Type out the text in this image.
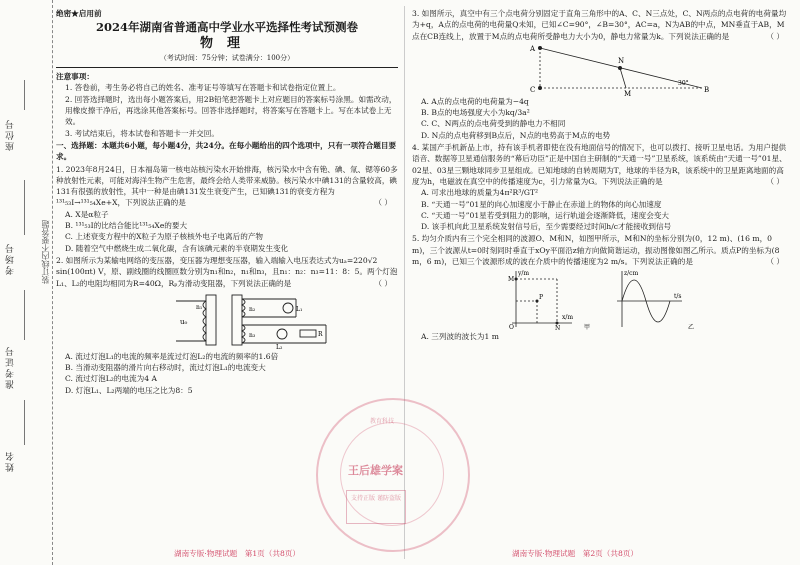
座位号
考场号
准考证号
姓名
装订线内不要答题
绝密★启用前
2024年湖南省普通高中学业水平选择性考试预测卷
物理
（考试时间：75分钟；试卷满分：100分）

注意事项：

1. 答卷前，考生务必将自己的姓名、准考证号等填写在答题卡和试卷指定位置上。

2. 回答选择题时，选出每小题答案后，用2B铅笔把答题卡上对应题目的答案标号涂黑。如需改动，用橡皮擦干净后，再选涂其他答案标号。回答非选择题时，将答案写在答题卡上。写在本试卷上无效。

3. 考试结束后，将本试卷和答题卡一并交回。

一、选择题：本题共6小题，每小题4分，共24分。在每小题给出的四个选项中，只有一项符合题目要求。

1. 2023年8月24日，日本福岛第一核电站核污染水开始排海，核污染水中含有铯、碘、氚、锶等60多种放射性元素，可能对海洋生物产生危害，最终会给人类带来威胁。核污染水中碘131的含量较高，碘131有很强的放射性，其中一种是由碘131发生衰变产生，已知碘131的衰变方程为¹³¹₅₃I→¹³¹₅₄Xe+X，下列说法正确的是	（ ）

A. X是α粒子

B. ¹³¹₅₃I的比结合能比¹³¹₅₄Xe的要大

C. 上述衰变方程中的X粒子为原子核核外电子电离后的产物

D. 随着空气中燃烧生成二氧化碳，含有该碘元素的半衰期发生变化

2. 如图所示为某输电网络的变压器，变压器为理想变压器，输入端输入电压表达式为uₐ=220√2 sin(100πt) V，原、副线圈的线圈匝数分别为n₁和n₂，n₁和n₃，且n₁：n₂：n₃=11：8：5。两个灯泡L₁、L₂的电阻均相同为R=40Ω，Rₚ为滑动变阻器，下列说法正确的是	（ ）

u₀
n₁	n₂
n₃
L₁
L₂
R

A. 流过灯泡L₁的电流的频率是流过灯泡L₂的电流的频率的1.6倍

B. 当滑动变阻器的滑片向右移动时，流过灯泡L₁的电流变大

C. 流过灯泡L₂的电流为4 A

D. 灯泡L₁、L₂两端的电压之比为8：5

3. 如图所示，真空中有三个点电荷分别固定于直角三角形中的A、C、N三点处，C、N两点的点电荷的电荷量均为+q，A点的点电荷的电荷量Q未知，已知∠C=90°，∠B=30°，AC=a，N为AB的中点，MN垂直于AB，M点在CB连线上，放置于M点的点电荷所受静电力大小为0，静电力常量为k。下列说法正确的是	（ ）

C
A
N
M	B
30°

A. A点的点电荷的电荷量为−4q

B. B点的电场强度大小为kq/3a²

C. C、N两点的点电荷受到的静电力不相同

D. N点的点电荷移到B点后，N点的电势高于M点的电势

4. 某国产手机新品上市，持有该手机者即使在没有地面信号的情况下，也可以拨打、接听卫星电话。为用户提供语音、数据等卫星通信服务的“幕后功臣”正是中国自主研制的“天通一号”卫星系统，该系统由“天通一号”01星、02星、03星三颗地球同步卫星组成。已知地球的自转周期为T，地球的半径为R，该系统中的卫星距离地面的高度为h，电磁波在真空中的传播速度为c，引力常量为G。下列说法正确的是	（ ）

A. 可求出地球的质量为4π²R³/GT²

B. “天通一号”01星的向心加速度小于静止在赤道上的物体的向心加速度

C. “天通一号”01星若受到阻力的影响，运行轨道会逐渐降低，速度会变大

D. 该手机向此卫星系统发射信号后，至少需要经过时间h/c才能接收到信号

5. 均匀介质内有三个完全相同的波源O、M和N，如图甲所示，M和N的坐标分别为(0，12 m)、(16 m，0 m)，三个波源从t=0时刻同时垂直于xOy平面沿z轴方向做简谐运动，振动图像如图乙所示。质点P的坐标为(8 m，6 m)，已知三个波源形成的波在介质中的传播速度为2 m/s。下列说法正确的是	（ ）

y/m
M
P
N
O
x/m
z/cm
t/s
甲	乙

A. 三列波的波长为1 m

教育科技
王后雄学案
支持正版 谨防盗版
湖南专版·物理试题　第1页（共8页）	湖南专版·物理试题　第2页（共8页）
